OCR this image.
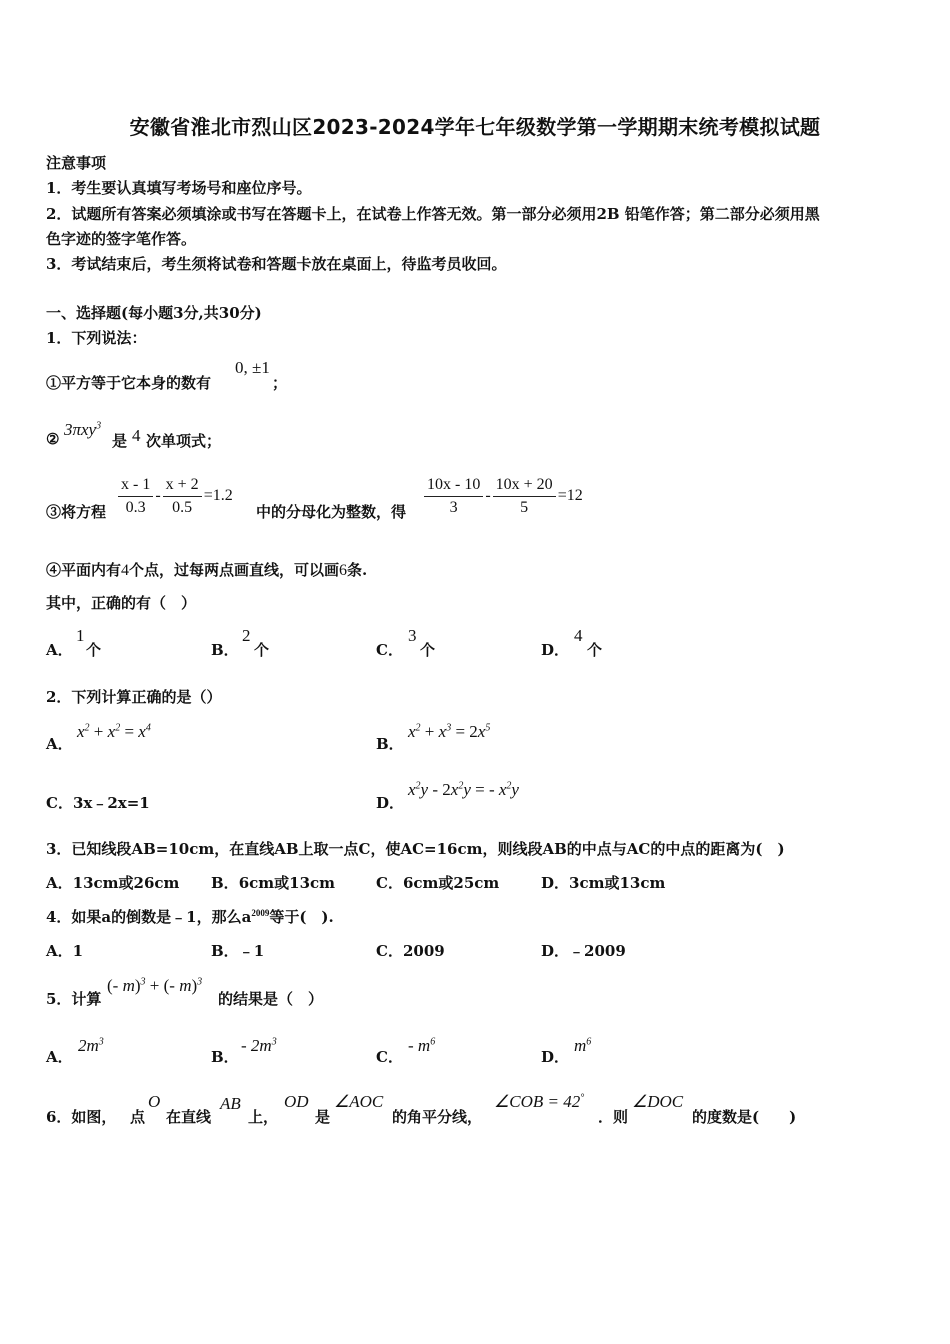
安徽省淮北市烈山区2023-2024学年七年级数学第一学期期末统考模拟试题
注意事项
1．考生要认真填写考场号和座位序号。
2．试题所有答案必须填涂或书写在答题卡上，在试卷上作答无效。第一部分必须用2B 铅笔作答；第二部分必须用黑
色字迹的签字笔作答。
3．考试结束后，考生须将试卷和答题卡放在桌面上，待监考员收回。
一、选择题(每小题3分,共30分)
1．下列说法：
①平方等于它本身的数有
0, ±1
；
② 3πxy$^3$
是 4 次单项式；
③将方程 $\frac{x - 1}{0.3} - \frac{x + 2}{0.5} =1.2$
中的分母化为整数，得 $\frac{10x - 10}{3} - \frac{10x + 20}{5} =12$
④平面内有4个点，过每两点画直线，可以画6条.
其中，正确的有（　）
A．
1
个	B．
2
个	C．
3
个	D．
4
个
2．下列计算正确的是（）
A．
$x^2 + x^2 = x^4$
B．
$x^2 + x^3 = 2x^5$
C．3x﹣2x=1	D．
$x^2y - 2x^2y$ = - $x^2y$
3．已知线段AB=10cm，在直线AB上取一点C，使AC=16cm，则线段AB的中点与AC的中点的距离为(　)
A．13cm或26cm B．6cm或13cm	C．6cm或25cm	D．3cm或13cm
4．如果a的倒数是﹣1，那么$a^{2009}$等于(　).
A．1	B．﹣1	C．2009	D．﹣2009
5．计算
(- m)$^3$ + (- m)$^3$
的结果是（　）
A．
$2m^3$
B．
- $2m^3$
C．
- $m^6$
D．
$m^6$
6．如图， 点
O
在直线
AB
上，
OD
是
∠AOC
的角平分线，
∠COB = 42°
．则
∠DOC
的度数是(　　)
